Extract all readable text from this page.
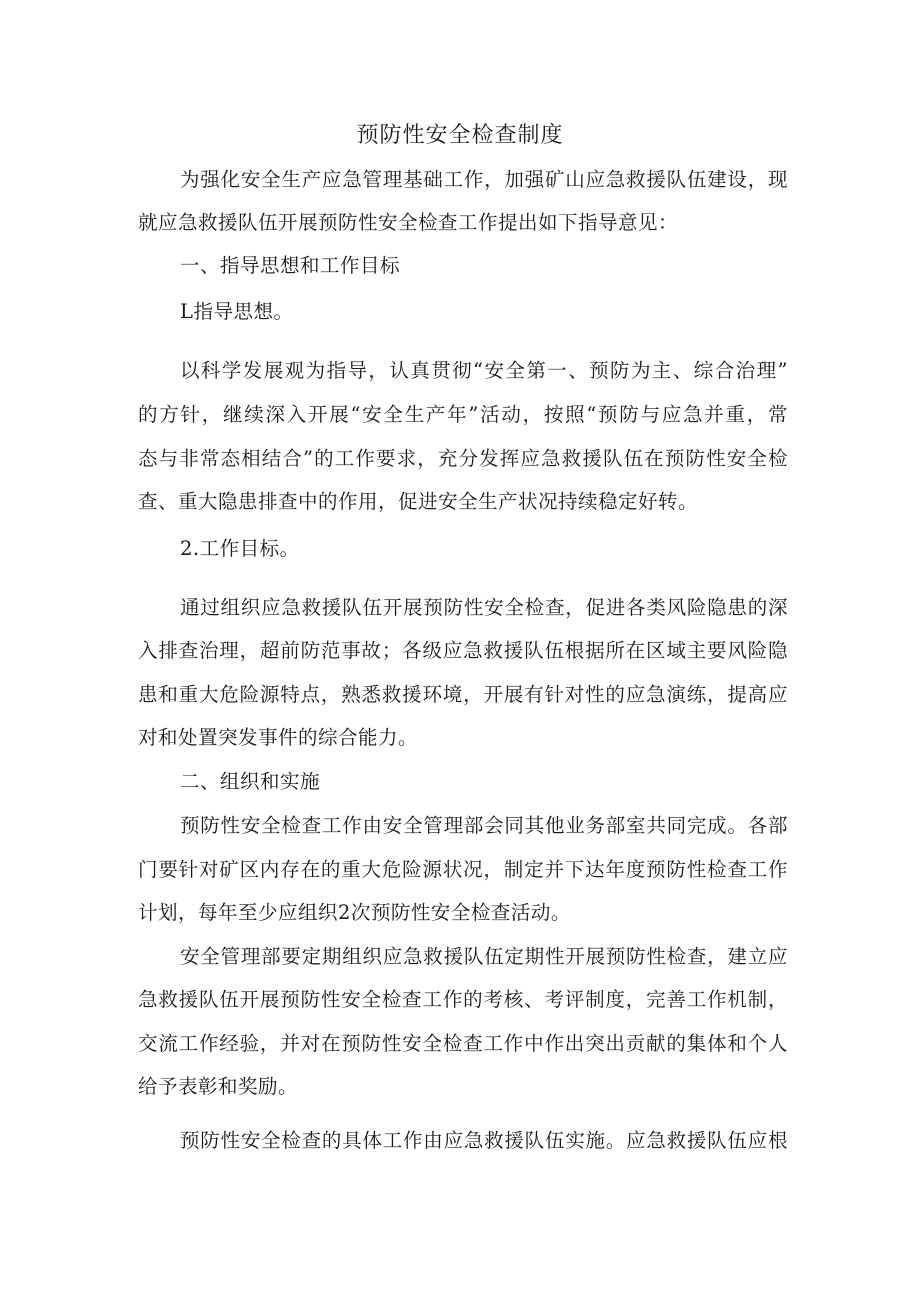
预防性安全检查制度
为强化安全生产应急管理基础工作，加强矿山应急救援队伍建设，现
就应急救援队伍开展预防性安全检查工作提出如下指导意见：
一、指导思想和工作目标
L指导思想。
以科学发展观为指导，认真贯彻“安全第一、预防为主、综合治理”
的方针，继续深入开展“安全生产年”活动，按照“预防与应急并重，常
态与非常态相结合”的工作要求，充分发挥应急救援队伍在预防性安全检
查、重大隐患排查中的作用，促进安全生产状况持续稳定好转。
2.工作目标。
通过组织应急救援队伍开展预防性安全检查，促进各类风险隐患的深
入排查治理，超前防范事故；各级应急救援队伍根据所在区域主要风险隐
患和重大危险源特点，熟悉救援环境，开展有针对性的应急演练，提高应
对和处置突发事件的综合能力。
二、组织和实施
预防性安全检查工作由安全管理部会同其他业务部室共同完成。各部
门要针对矿区内存在的重大危险源状况，制定并下达年度预防性检查工作
计划，每年至少应组织2次预防性安全检查活动。
安全管理部要定期组织应急救援队伍定期性开展预防性检查，建立应
急救援队伍开展预防性安全检查工作的考核、考评制度，完善工作机制，
交流工作经验，并对在预防性安全检查工作中作出突出贡献的集体和个人
给予表彰和奖励。
预防性安全检查的具体工作由应急救援队伍实施。应急救援队伍应根
